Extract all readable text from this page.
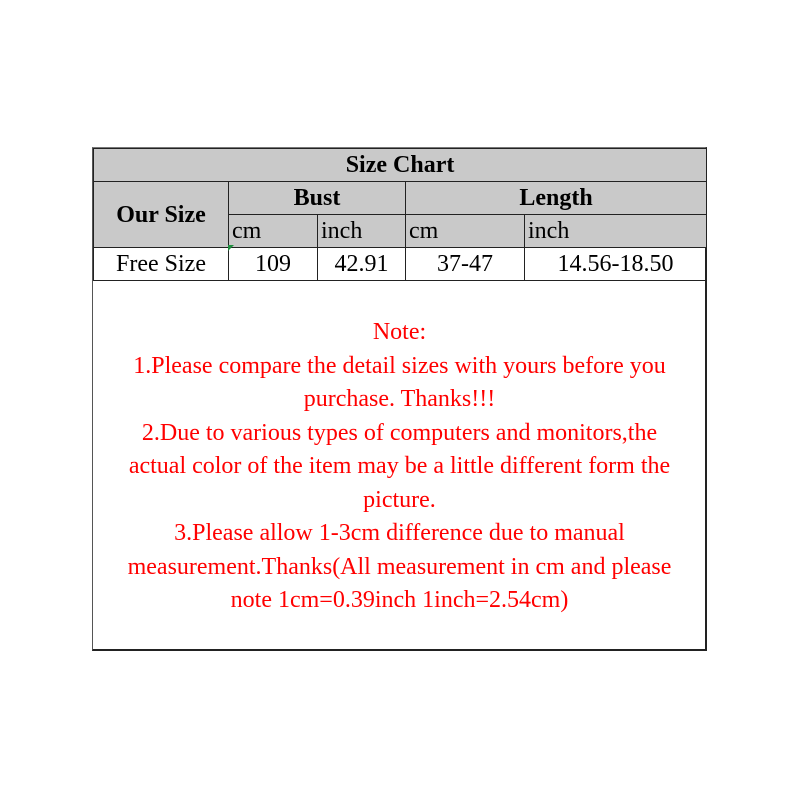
Size Chart				
Our Size	Bust		Length	
	cm	inch	cm	inch
Free Size	109	42.91	37-47	14.56-18.50
Note:
1.Please compare the detail sizes with yours before you
purchase. Thanks!!!
2.Due to various types of computers and monitors,the
actual color of the item may be a little different form the
picture.
3.Please allow 1-3cm difference due to manual
measurement.Thanks(All measurement in cm and please
note 1cm=0.39inch 1inch=2.54cm)
